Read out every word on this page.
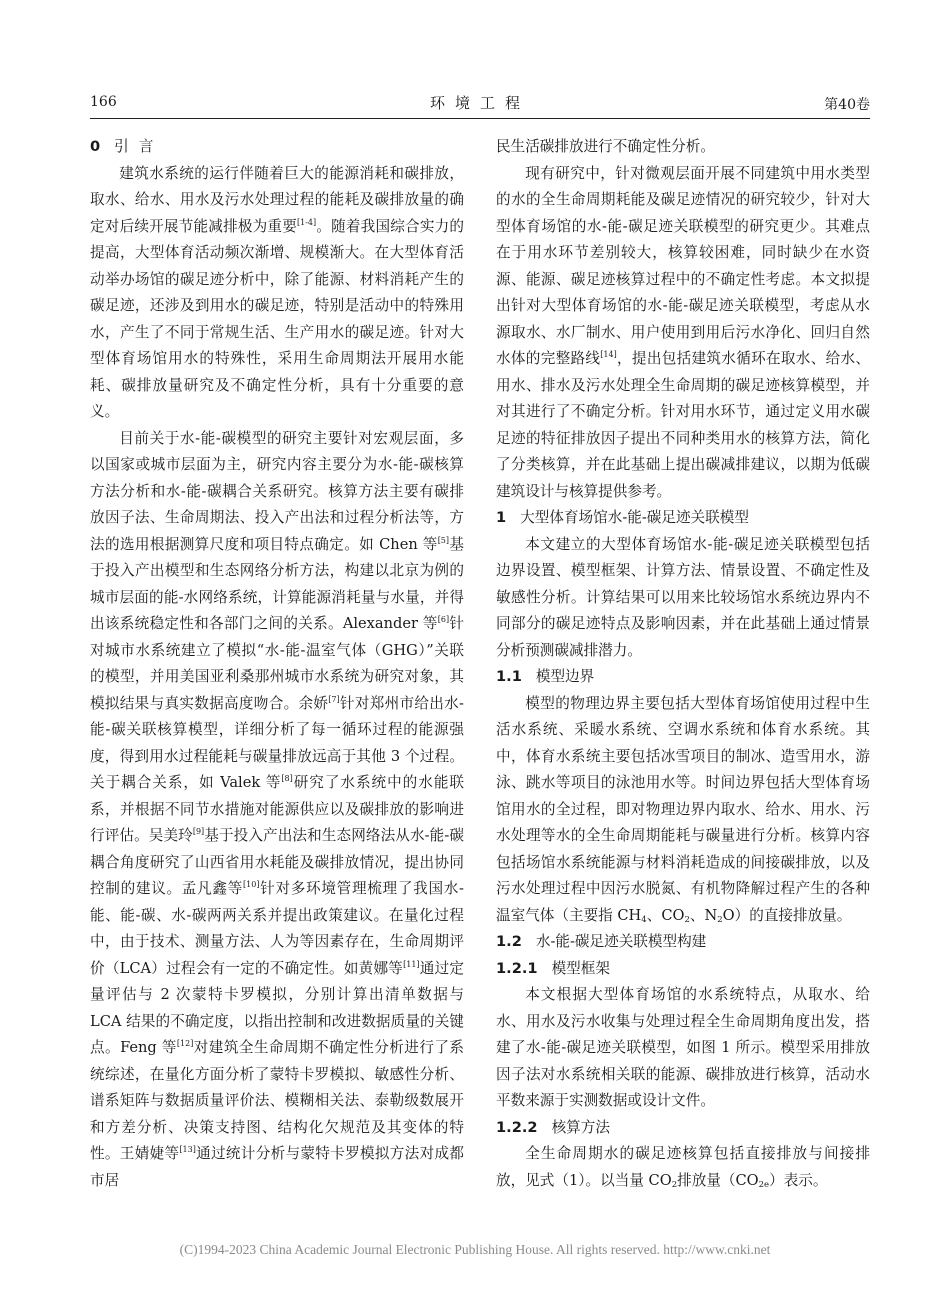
166	环境工程	第40卷
0 引言

建筑水系统的运行伴随着巨大的能源消耗和碳排放，取水、给水、用水及污水处理过程的能耗及碳排放量的确定对后续开展节能减排极为重要[1-4]。随着我国综合实力的提高，大型体育活动频次渐增、规模渐大。在大型体育活动举办场馆的碳足迹分析中，除了能源、材料消耗产生的碳足迹，还涉及到用水的碳足迹，特别是活动中的特殊用水，产生了不同于常规生活、生产用水的碳足迹。针对大型体育场馆用水的特殊性，采用生命周期法开展用水能耗、碳排放量研究及不确定性分析，具有十分重要的意义。

目前关于水-能-碳模型的研究主要针对宏观层面，多以国家或城市层面为主，研究内容主要分为水-能-碳核算方法分析和水-能-碳耦合关系研究。核算方法主要有碳排放因子法、生命周期法、投入产出法和过程分析法等，方法的选用根据测算尺度和项目特点确定。如 Chen 等[5]基于投入产出模型和生态网络分析方法，构建以北京为例的城市层面的能-水网络系统，计算能源消耗量与水量，并得出该系统稳定性和各部门之间的关系。Alexander 等[6]针对城市水系统建立了模拟“水-能-温室气体（GHG）”关联的模型，并用美国亚利桑那州城市水系统为研究对象，其模拟结果与真实数据高度吻合。余娇[7]针对郑州市给出水-能-碳关联核算模型，详细分析了每一循环过程的能源强度，得到用水过程能耗与碳量排放远高于其他 3 个过程。关于耦合关系，如 Valek 等[8]研究了水系统中的水能联系，并根据不同节水措施对能源供应以及碳排放的影响进行评估。吴美玲[9]基于投入产出法和生态网络法从水-能-碳耦合角度研究了山西省用水耗能及碳排放情况，提出协同控制的建议。孟凡鑫等[10]针对多环境管理梳理了我国水-能、能-碳、水-碳两两关系并提出政策建议。在量化过程中，由于技术、测量方法、人为等因素存在，生命周期评价（LCA）过程会有一定的不确定性。如黄娜等[11]通过定量评估与 2 次蒙特卡罗模拟，分别计算出清单数据与 LCA 结果的不确定度，以指出控制和改进数据质量的关键点。Feng 等[12]对建筑全生命周期不确定性分析进行了系统综述，在量化方面分析了蒙特卡罗模拟、敏感性分析、谱系矩阵与数据质量评价法、模糊相关法、泰勒级数展开和方差分析、决策支持图、结构化欠规范及其变体的特性。王婧婕等[13]通过统计分析与蒙特卡罗模拟方法对成都市居

民生活碳排放进行不确定性分析。

现有研究中，针对微观层面开展不同建筑中用水类型的水的全生命周期耗能及碳足迹情况的研究较少，针对大型体育场馆的水-能-碳足迹关联模型的研究更少。其难点在于用水环节差别较大，核算较困难，同时缺少在水资源、能源、碳足迹核算过程中的不确定性考虑。本文拟提出针对大型体育场馆的水-能-碳足迹关联模型，考虑从水源取水、水厂制水、用户使用到用后污水净化、回归自然水体的完整路线[14]，提出包括建筑水循环在取水、给水、用水、排水及污水处理全生命周期的碳足迹核算模型，并对其进行了不确定分析。针对用水环节，通过定义用水碳足迹的特征排放因子提出不同种类用水的核算方法，简化了分类核算，并在此基础上提出碳减排建议，以期为低碳建筑设计与核算提供参考。

1 大型体育场馆水-能-碳足迹关联模型

本文建立的大型体育场馆水-能-碳足迹关联模型包括边界设置、模型框架、计算方法、情景设置、不确定性及敏感性分析。计算结果可以用来比较场馆水系统边界内不同部分的碳足迹特点及影响因素，并在此基础上通过情景分析预测碳减排潜力。

1.1 模型边界

模型的物理边界主要包括大型体育场馆使用过程中生活水系统、采暖水系统、空调水系统和体育水系统。其中，体育水系统主要包括冰雪项目的制冰、造雪用水，游泳、跳水等项目的泳池用水等。时间边界包括大型体育场馆用水的全过程，即对物理边界内取水、给水、用水、污水处理等水的全生命周期能耗与碳量进行分析。核算内容包括场馆水系统能源与材料消耗造成的间接碳排放，以及污水处理过程中因污水脱氮、有机物降解过程产生的各种温室气体（主要指 $CH_4$、$CO_2$、$N_2O$）的直接排放量。

1.2 水-能-碳足迹关联模型构建
1.2.1 模型框架

本文根据大型体育场馆的水系统特点，从取水、给水、用水及污水收集与处理过程全生命周期角度出发，搭建了水-能-碳足迹关联模型，如图 1 所示。模型采用排放因子法对水系统相关联的能源、碳排放进行核算，活动水平数来源于实测数据或设计文件。

1.2.2 核算方法

全生命周期水的碳足迹核算包括直接排放与间接排放，见式（1）。以当量 $CO_2$排放量$(CO_{2e})$表示。

(C)1994-2023 China Academic Journal Electronic Publishing House. All rights reserved. http://www.cnki.net
